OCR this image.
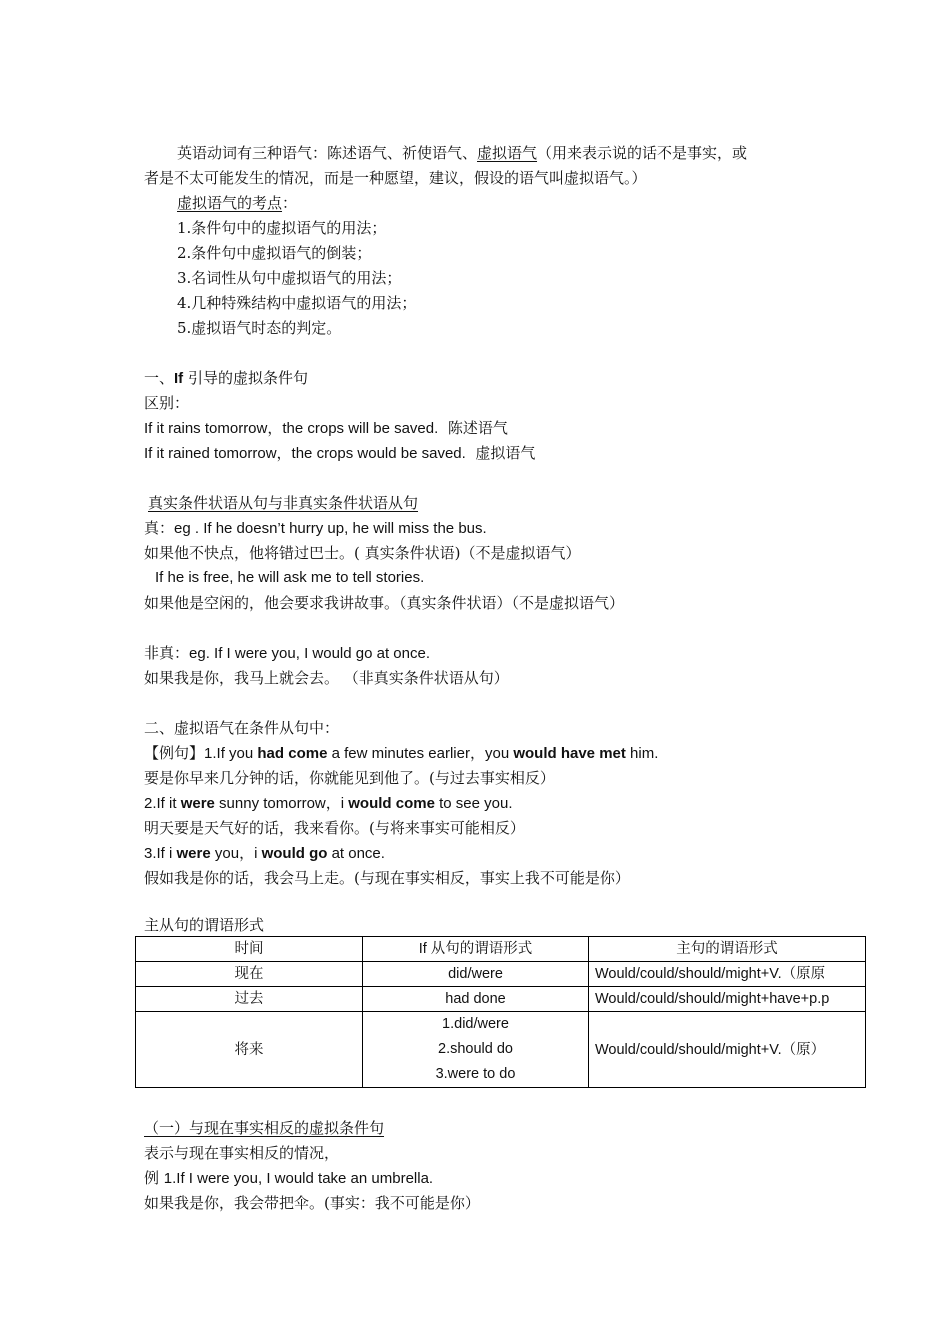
英语动词有三种语气：陈述语气、祈使语气、虚拟语气（用来表示说的话不是事实，或
者是不太可能发生的情况，而是一种愿望，建议，假设的语气叫虚拟语气。）
虚拟语气的考点：
1.条件句中的虚拟语气的用法；
2.条件句中虚拟语气的倒装；
3.名词性从句中虚拟语气的用法；
4.几种特殊结构中虚拟语气的用法；
5.虚拟语气时态的判定。
一、If 引导的虚拟条件句
区别：
If it rains tomorrow，the crops will be saved. 陈述语气
If it rained tomorrow，the crops would be saved. 虚拟语气
真实条件状语从句与非真实条件状语从句
真：eg . If he doesn’t hurry up, he will miss the bus.
如果他不快点，他将错过巴士。( 真实条件状语)（不是虚拟语气）
If he is free, he will ask me to tell stories.
如果他是空闲的，他会要求我讲故事。（真实条件状语）（不是虚拟语气）
非真：eg. If I were you, I would go at once.
如果我是你，我马上就会去。 （非真实条件状语从句）
二、虚拟语气在条件从句中：
【例句】1.If you had come a few minutes earlier，you would have met him.
要是你早来几分钟的话，你就能见到他了。(与过去事实相反）
2.If it were sunny tomorrow，i would come to see you.
明天要是天气好的话，我来看你。(与将来事实可能相反）
3.If i were you，i would go at once.
假如我是你的话，我会马上走。(与现在事实相反，事实上我不可能是你）
主从句的谓语形式
时间	If 从句的谓语形式	主句的谓语形式
现在	did/were	Would/could/should/might+V.（原原
过去	had done	Would/could/should/might+have+p.p
将来	1.did/were
2.should do
3.were to do	Would/could/should/might+V.（原）
（一）与现在事实相反的虚拟条件句
表示与现在事实相反的情况，
例 1.If I were you, I would take an umbrella.
如果我是你，我会带把伞。(事实：我不可能是你）
